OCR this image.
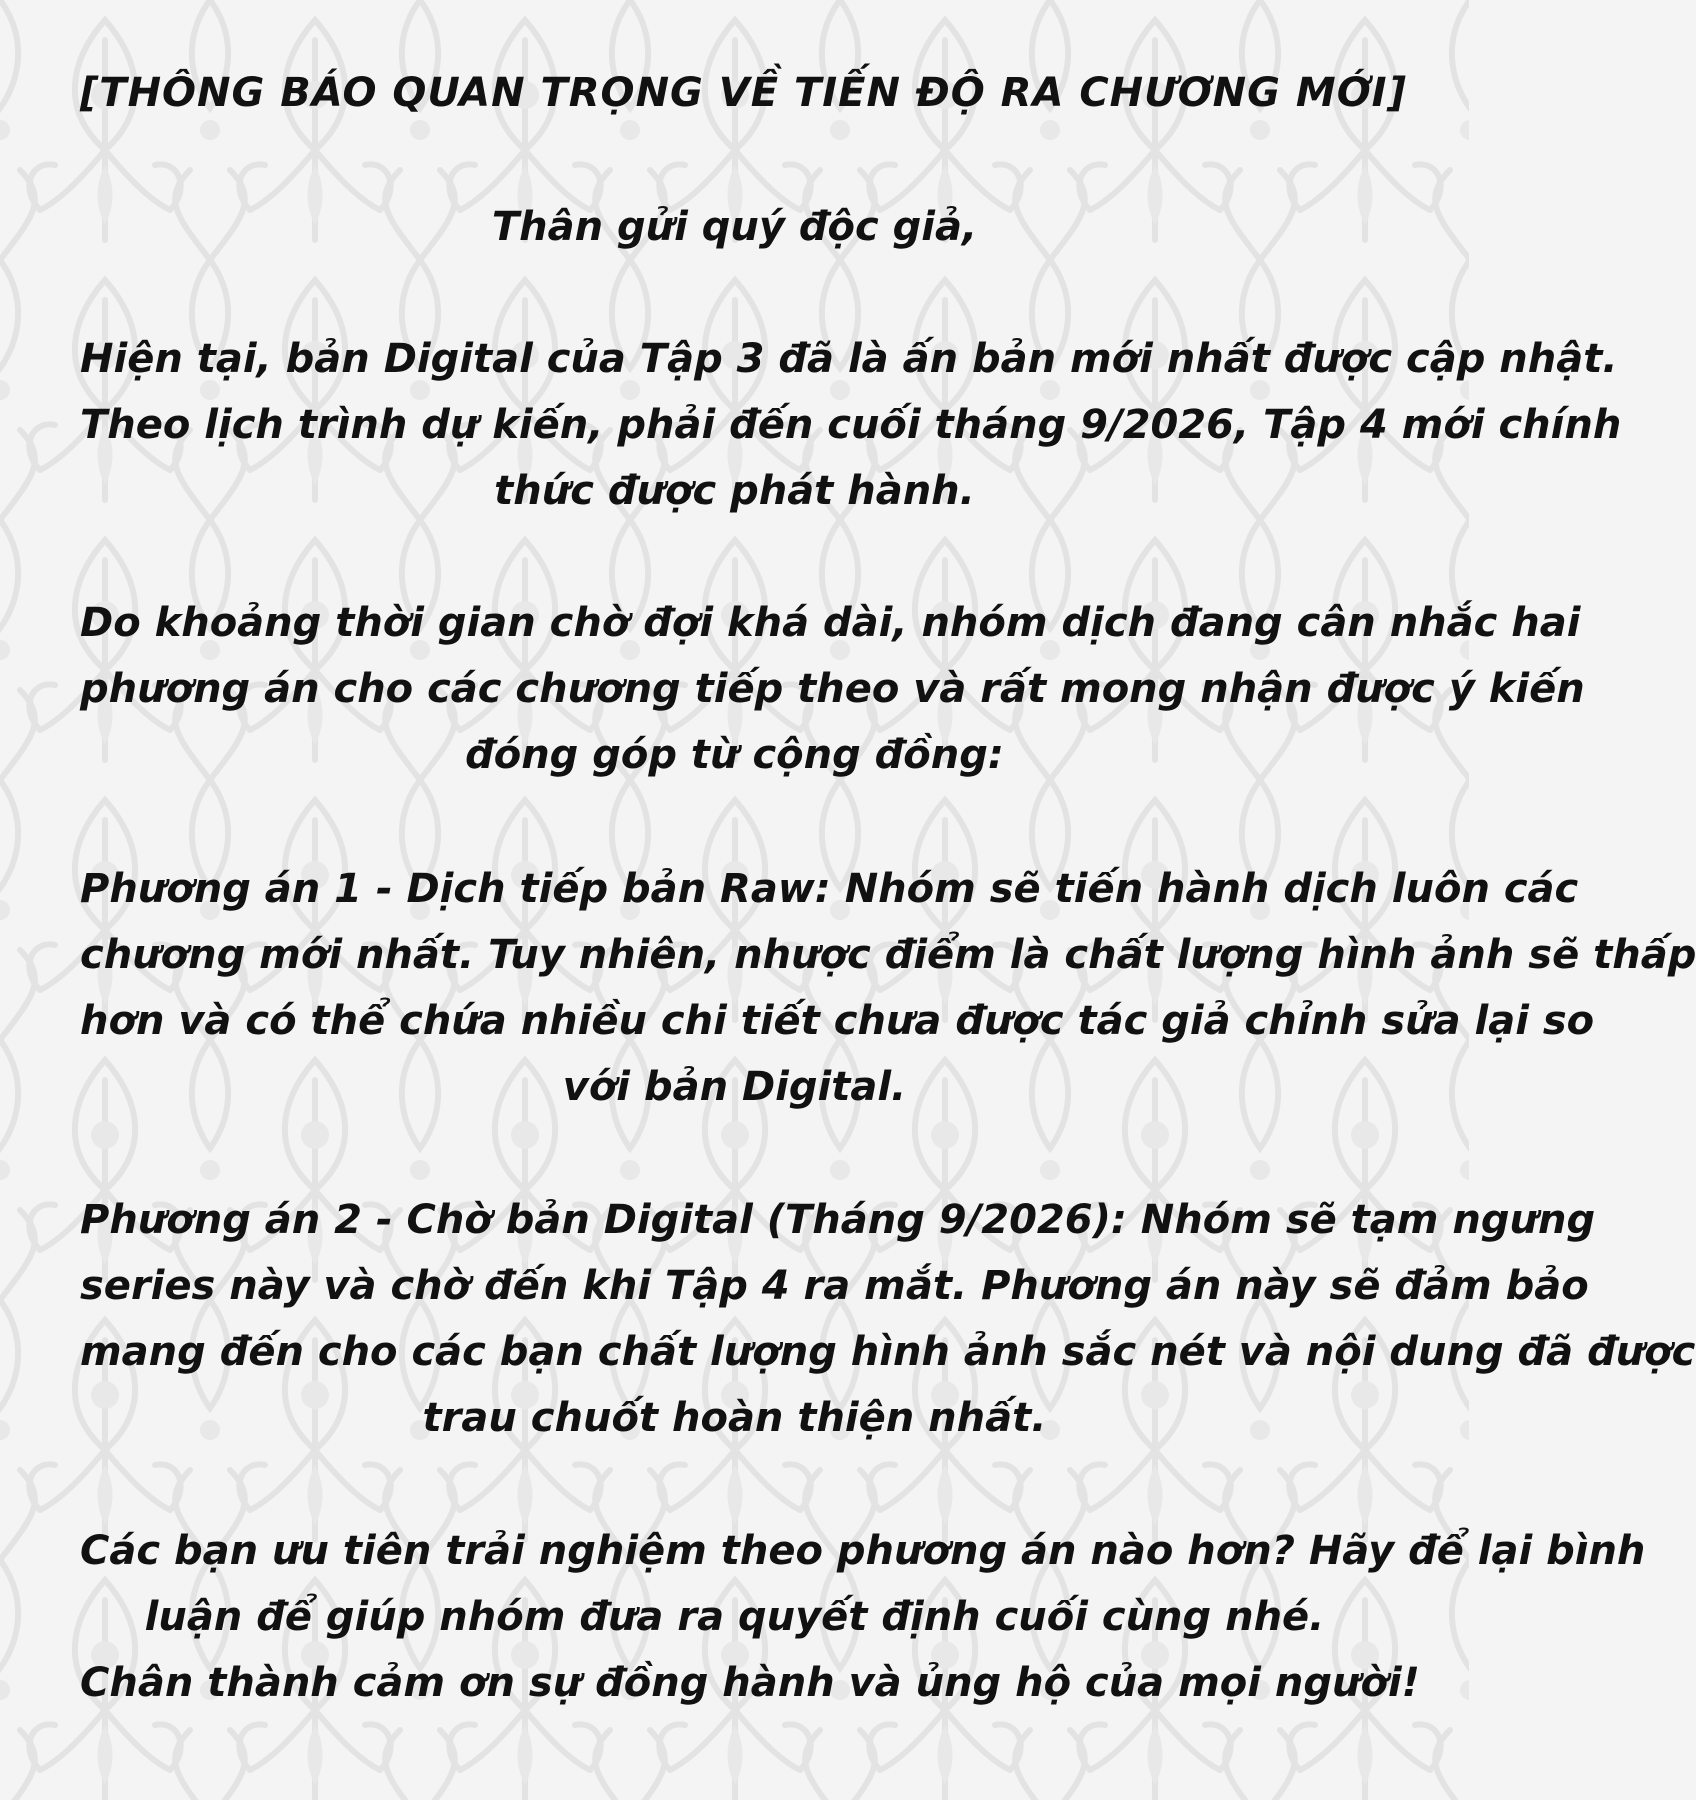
[THÔNG BÁO QUAN TRỌNG VỀ TIẾN ĐỘ RA CHƯƠNG MỚI]

Thân gửi quý độc giả,

Hiện tại, bản Digital của Tập 3 đã là ấn bản mới nhất được cập nhật.
Theo lịch trình dự kiến, phải đến cuối tháng 9/2026, Tập 4 mới chính
thức được phát hành.

Do khoảng thời gian chờ đợi khá dài, nhóm dịch đang cân nhắc hai
phương án cho các chương tiếp theo và rất mong nhận được ý kiến
đóng góp từ cộng đồng:

Phương án 1 - Dịch tiếp bản Raw: Nhóm sẽ tiến hành dịch luôn các
chương mới nhất. Tuy nhiên, nhược điểm là chất lượng hình ảnh sẽ thấp
hơn và có thể chứa nhiều chi tiết chưa được tác giả chỉnh sửa lại so
với bản Digital.

Phương án 2 - Chờ bản Digital (Tháng 9/2026): Nhóm sẽ tạm ngưng
series này và chờ đến khi Tập 4 ra mắt. Phương án này sẽ đảm bảo
mang đến cho các bạn chất lượng hình ảnh sắc nét và nội dung đã được
trau chuốt hoàn thiện nhất.

Các bạn ưu tiên trải nghiệm theo phương án nào hơn? Hãy để lại bình
luận để giúp nhóm đưa ra quyết định cuối cùng nhé.
Chân thành cảm ơn sự đồng hành và ủng hộ của mọi người!
